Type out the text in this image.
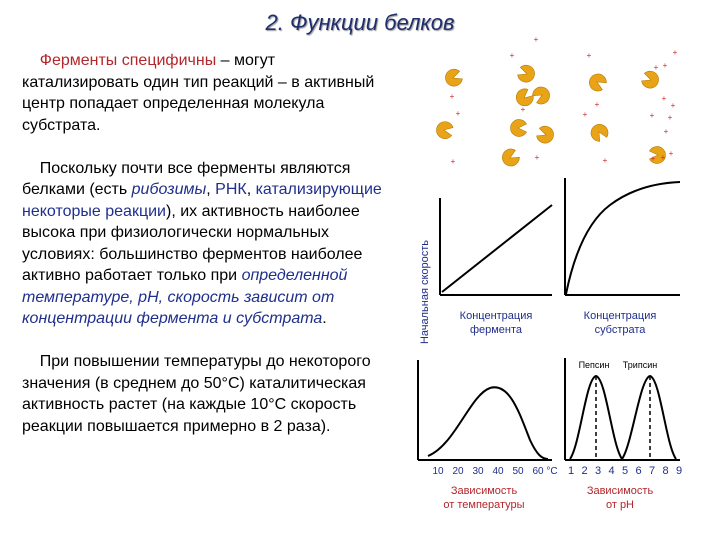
2. Функции белков

Ферменты специфичны – могут катализировать один тип реакций – в активный центр попадает определенная молекула субстрата.

Поскольку почти все ферменты являются белками (есть рибозимы, РНК, катализирующие некоторые реакции), их активность наиболее высока при физиологически нормальных условиях: большинство ферментов наиболее активно работает только при определенной температуре, рН, скорость зависит от концентрации фермента и субстрата.

При повышении температуры до некоторого значения (в среднем до 50°С) каталитическая активность растет (на каждые 10°С скорость реакции повышается примерно в 2 раза).

+
+	+	+
+
+
+
+
+
+
+
+	+	+ +
+
+
+	+	+
+
+
Начальная скорость	Концентрация
фермента
Концентрация
субстрата
10 20 30 40 50 60 °С
Зависимость
от температуры
Пепсин Трипсин
1 2 3 4 5 6 7 8 9
Зависимость
от рН
